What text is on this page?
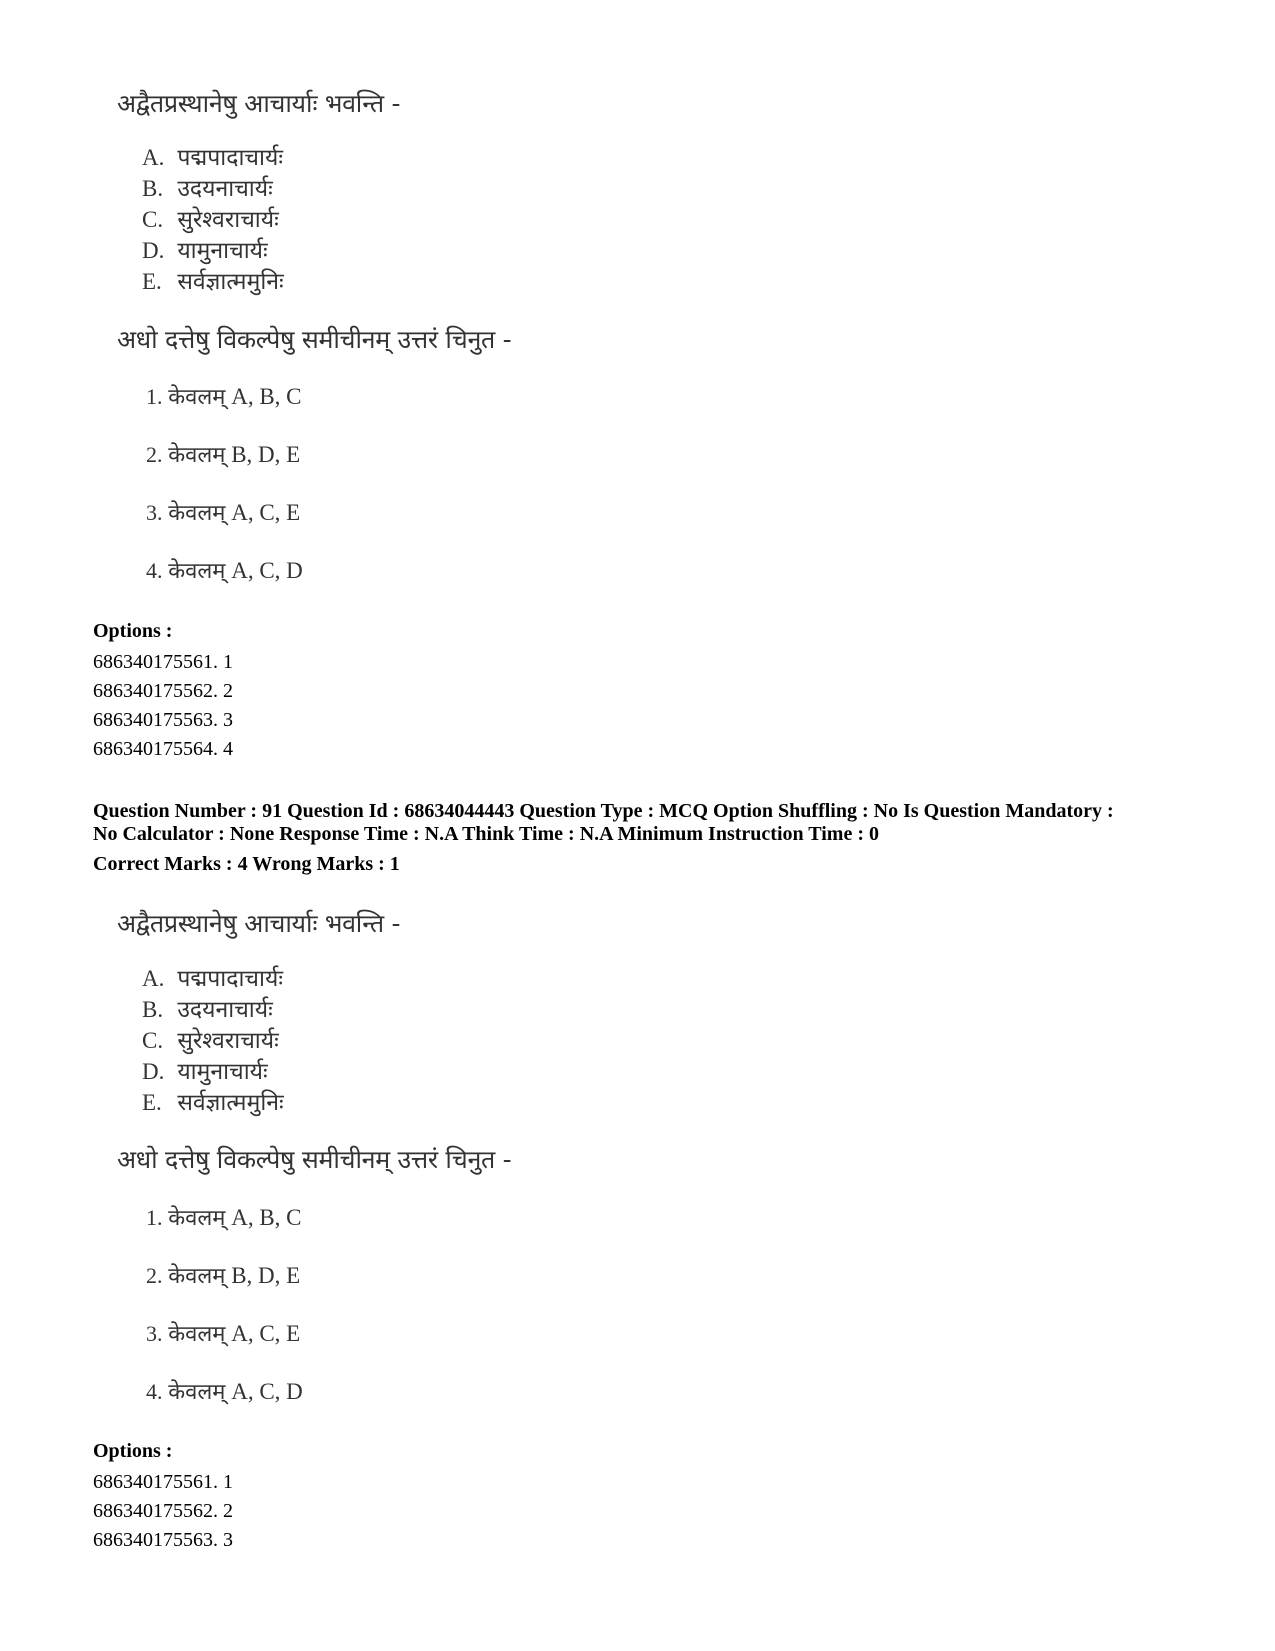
अद्वैतप्रस्थानेषु आचार्याः भवन्ति -
A. पद्मपादाचार्यः
B. उदयनाचार्यः
C. सुरेश्वराचार्यः
D. यामुनाचार्यः
E. सर्वज्ञात्ममुनिः
अधो दत्तेषु विकल्पेषु समीचीनम् उत्तरं चिनुत -
1. केवलम् A, B, C
2. केवलम् B, D, E
3. केवलम् A, C, E
4. केवलम् A, C, D
Options :
686340175561. 1
686340175562. 2
686340175563. 3
686340175564. 4
Question Number : 91 Question Id : 68634044443 Question Type : MCQ Option Shuffling : No Is Question Mandatory :
No Calculator : None Response Time : N.A Think Time : N.A Minimum Instruction Time : 0
Correct Marks : 4 Wrong Marks : 1
अद्वैतप्रस्थानेषु आचार्याः भवन्ति -
A. पद्मपादाचार्यः
B. उदयनाचार्यः
C. सुरेश्वराचार्यः
D. यामुनाचार्यः
E. सर्वज्ञात्ममुनिः
अधो दत्तेषु विकल्पेषु समीचीनम् उत्तरं चिनुत -
1. केवलम् A, B, C
2. केवलम् B, D, E
3. केवलम् A, C, E
4. केवलम् A, C, D
Options :
686340175561. 1
686340175562. 2
686340175563. 3
